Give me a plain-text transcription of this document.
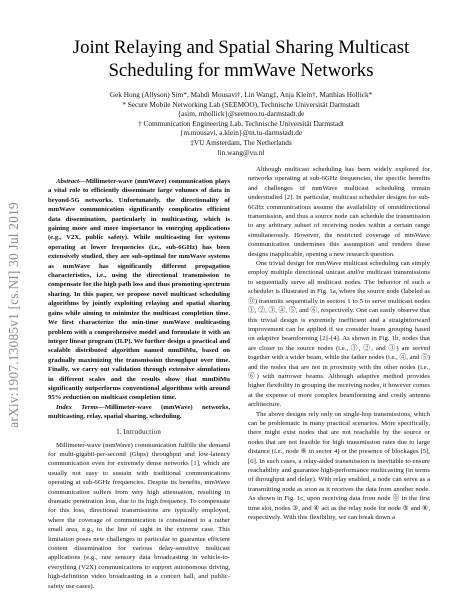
arXiv:1907.13085v1 [cs.NI] 30 Jul 2019
Joint Relaying and Spatial Sharing Multicast
Scheduling for mmWave Networks
Gek Hong (Allyson) Sim*, Mahdi Mousavi†, Lin Wang‡, Anja Klein†, Matthias Hollick*
* Secure Mobile Networking Lab (SEEMOO), Technische Universität Darmstadt
{asim, mhollick}@seemoo.tu-darmstadt.de
† Communication Engineering Lab, Technische Universität Darmstadt
{m.mousavi, a.klein}@nt.tu-darmstadt.de
‡VU Amsterdam, The Netherlands
lin.wang@vu.nl

Abstract—Millimeter-wave (mmWave) communication plays a vital role to efficiently disseminate large volumes of data in beyond-5G networks. Unfortunately, the directionality of mmWave communication significantly complicates efficient data dissemination, particularly in multicasting, which is gaining more and more importance in emerging applications (e.g., V2X, public safety). While multicasting for systems operating at lower frequencies (i.e., sub-6GHz) has been extensively studied, they are sub-optimal for mmWave systems as mmWave has significantly different propagation characteristics, i.e., using the directional transmission to compensate for the high path loss and thus promoting spectrum sharing. In this paper, we propose novel multicast scheduling algorithms by jointly exploiting relaying and spatial sharing gains while aiming to minimize the multicast completion time. We first characterize the min-time mmWave multicasting problem with a comprehensive model and formulate it with an integer linear program (ILP). We further design a practical and scalable distributed algorithm named mmDiMu, based on gradually maximizing the transmission throughput over time. Finally, we carry out validation through extensive simulations in different scales and the results show that mmDiMu significantly outperforms conventional algorithms with around 95% reduction on multicast completion time.

Index Terms—Millimeter-wave (mmWave) networks, multicasting, relay, spatial sharing, scheduling.

I. Introduction

Millimeter-wave (mmWave) communication fulfills the demand for multi-gigabit-per-second (Gbps) throughput and low-latency communication even for extremely dense networks [1], which are usually not easy to sustain with traditional communications operating at sub-6GHz frequencies. Despite its benefits, mmWave communication suffers from very high attenuation, resulting in dramatic penetration loss, due to its high frequency. To compensate for this loss, directional transmissions are typically employed, where the coverage of communication is constrained to a rather small area, e.g., to the line of sight in the extreme case. This limitation poses new challenges in particular to guarantee efficient content dissemination for various delay-sensitive multicast applications (e.g., raw sensory data broadcasting in vehicle-to-everything (V2X) communications to support autonomous driving, high-definition video broadcasting in a concert hall, and public-safety use cases).

Although multicast scheduling has been widely explored for networks operating at sub-6GHz frequencies, the specific benefits and challenges of mmWave multicast scheduling remain understudied [2]. In particular, multicast scheduler designs for sub-6GHz communications assume the availability of omnidirectional transmission, and thus a source node can schedule the transmission to any arbitrary subset of receiving nodes within a certain range simultaneously. However, the restricted coverage of mmWave communication undermines this assumption and renders these designs inapplicable, opening a new research question.

One trivial design for mmWave multicast scheduling can simply employ multiple directional unicast and/or multicast transmissions to sequentially serve all multicast nodes. The behavior of such a scheduler is illustrated in Fig. 1a, where the source node (labeled as ⓪) transmits sequentially in sectors 1 to 5 to serve multicast nodes ①, ②, ③, ④, ⑤, and ⑥, respectively. One can easily observe that this trivial design is extremely inefficient and a straightforward improvement can be applied if we consider beam grouping based on adaptive beamforming [2]–[4]. As shown in Fig. 1b, nodes that are closer to the source nodes (i.e., ①, ②, and ③) are served together with a wider beam, while the father nodes (i.e., ④, and ⑤) and the nodes that are not in proximity with the other nodes (i.e., ⑥) with narrower beams. Although adaptive method provides higher flexibility in grouping the receiving nodes, it however comes at the expense of more complex beamforming and costly antenna architecture.

The above designs rely only on single-hop transmissions, which can be problematic in many practical scenarios. More specifically, there might exist nodes that are not reachable by the source or nodes that are not feasible for high transmission rates due to large distance (i.e., node ⑥ in sector 4) or the presence of blockages [5], [6]. In such cases, a relay-aided transmission is inevitable to ensure reachability and guarantee high-performance multicasting (in terms of throughput and delay). With relay enabled, a node can serve as a transmitting node as soon as it receives the data from another node. As shown in Fig. 1c, upon receiving data from node ⓪ in the first time slot, nodes ③, and ④ act as the relay node for node ⑤ and ⑥, respectively. With this flexibility, we can break down a
